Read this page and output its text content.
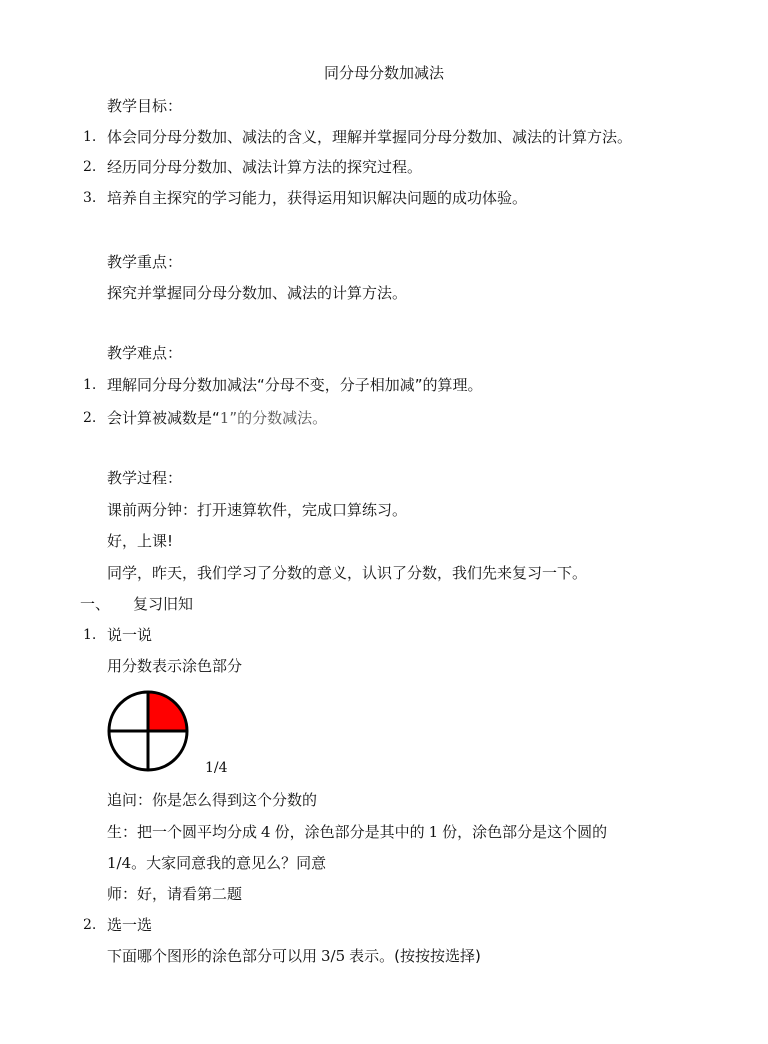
同分母分数加减法
教学目标：
1. 体会同分母分数加、减法的含义，理解并掌握同分母分数加、减法的计算方法。
2. 经历同分母分数加、减法计算方法的探究过程。
3. 培养自主探究的学习能力，获得运用知识解决问题的成功体验。
教学重点：
探究并掌握同分母分数加、减法的计算方法。
教学难点：
1. 理解同分母分数加减法“分母不变，分子相加减”的算理。
2. 会计算被减数是“1”的分数减法。
教学过程：
课前两分钟：打开速算软件，完成口算练习。
好，上课!
同学，昨天，我们学习了分数的意义，认识了分数，我们先来复习一下。
一、 复习旧知
1. 说一说
用分数表示涂色部分
1/4
追问：你是怎么得到这个分数的
生：把一个圆平均分成 4 份，涂色部分是其中的 1 份，涂色部分是这个圆的
1/4。大家同意我的意见么？同意
师：好，请看第二题
2. 选一选
下面哪个图形的涂色部分可以用 3/5 表示。(按按按选择)
